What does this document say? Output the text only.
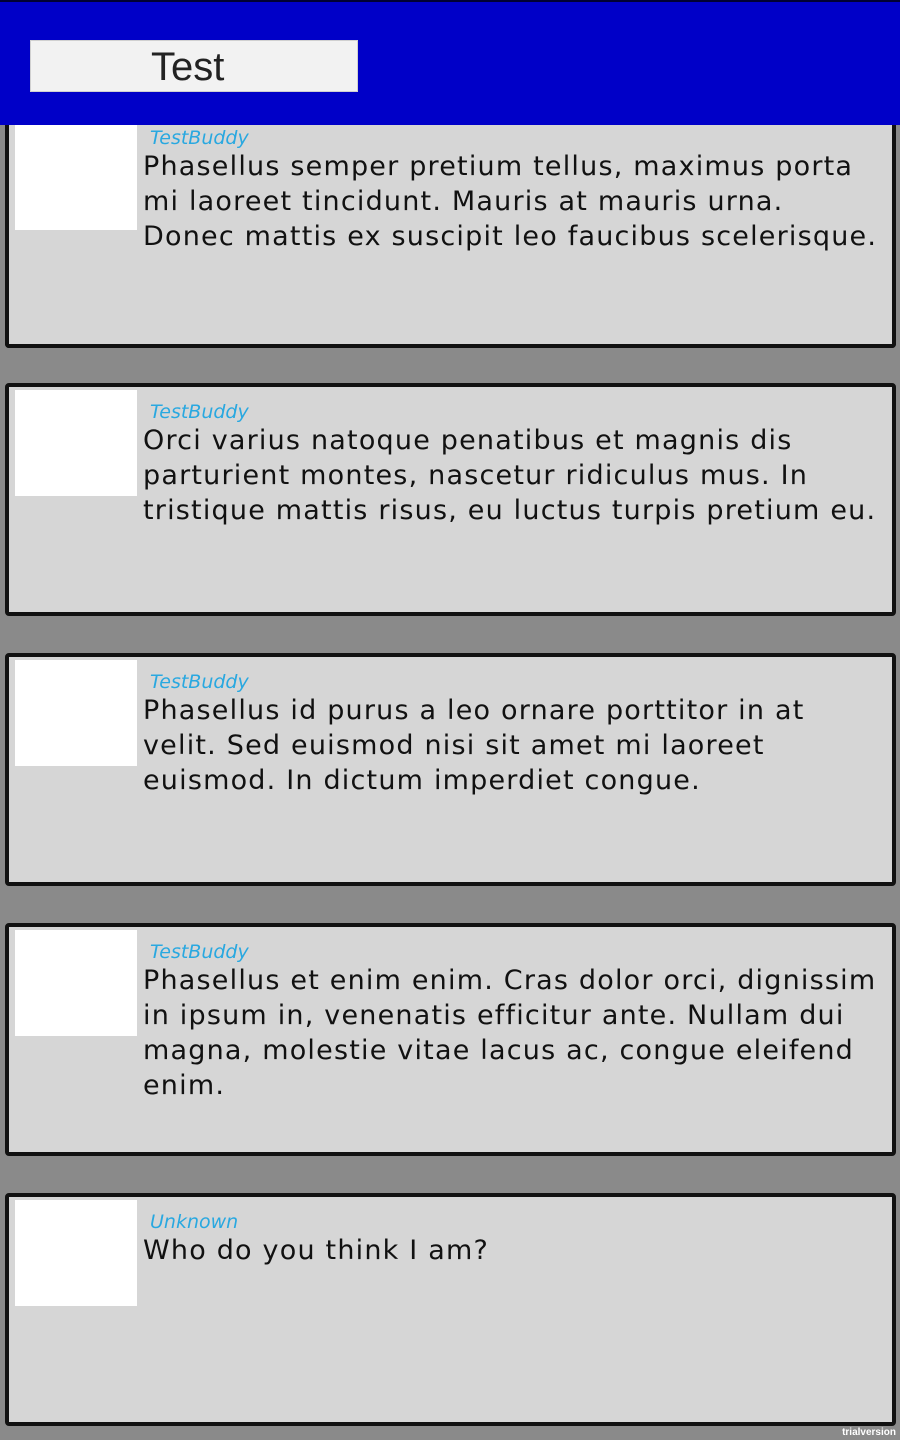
TestBuddy
Phasellus semper pretium tellus, maximus porta mi laoreet tincidunt. Mauris at mauris urna. Donec mattis ex suscipit leo faucibus scelerisque.
TestBuddy
Orci varius natoque penatibus et magnis dis parturient montes, nascetur ridiculus mus. In tristique mattis risus, eu luctus turpis pretium eu.
TestBuddy
Phasellus id purus a leo ornare porttitor in at velit. Sed euismod nisi sit amet mi laoreet euismod. In dictum imperdiet congue.
TestBuddy
Phasellus et enim enim. Cras dolor orci, dignissim in ipsum in, venenatis efficitur ante. Nullam dui magna, molestie vitae lacus ac, congue eleifend enim.
Unknown
Who do you think I am?
Test
trialversion
